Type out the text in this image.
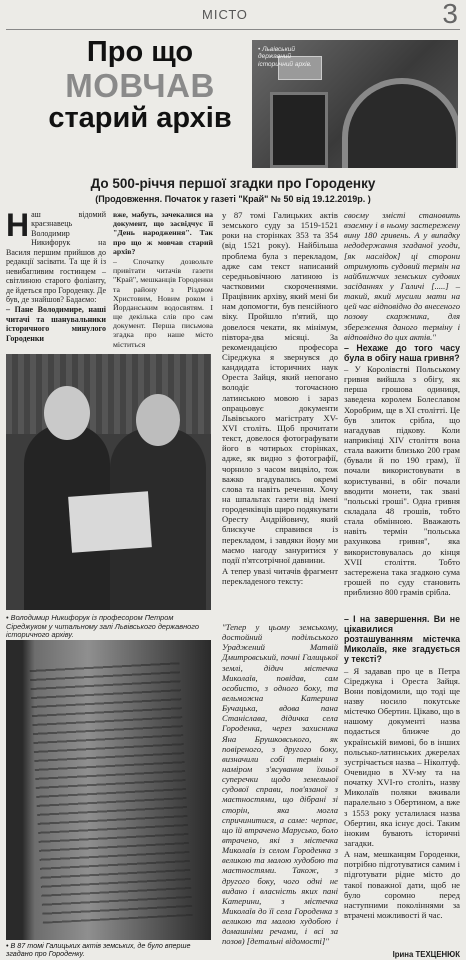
МІСТО	3
Про що
МОВЧАВ
старий архів
• Львівський державний історичний архів.
До 500-річчя першої згадки про Городенку
(Продовження. Початок у газеті "Край" № 50 від 19.12.2019р. )

Наш відомий краєзнавець Володимир Никифорук на Василя першим прийшов до редакції засівати. Та ще й із невибагливим гостинцем – світлиною старого фоліанту, де йдеться про Городенку. Де був, де знайшов? Бадаємо:

– Пане Володимире, наші читачі та шанувальники історичного минулого Городенки

вже, мабуть, зачекалися на документ, що засвідчує її "День народження". Так про що ж мовчав старий архів?

– Спочатку дозвольте привітати читачів газети "Край", мешканців Городенки та району з Різдвом Христовим, Новим роком і Йорданським водосвятям. І ще декілька слів про сам документ. Перша письмова згадка про наше місто міститься

у 87 томі Галицьких актів земського суду за 1519-1521 роки на сторінках 353 та 354 (від 1521 року). Найбільша проблема була з перекладом, адже сам текст написаний середньовічною латиною із частковими скороченнями. Працівник архіву, який мені би нам допомогти, був пенсійного віку. Пройшло п'ятий, що довелося чекати, як мінімум, півтора-два місяці. За рекомендацією професора Сіреджука я звернувся до кандидата історичних наук Ореста Зайця, який непогано володіє тогочасною латинською мовою і зараз опрацьовує документи Львівського магістрату XV-XVI століть. Щоб прочитати текст, довелося фотографувати його в чотирьох сторінках, адже, як видно з фотографії, чорнило з часом вицвіло, тож важко вгадувались окремі слова та навіть речення. Хочу на шпальтах газети від імені городенківців щиро подякувати Оресту Андрійовичу, який блискуче справився із перекладом, і завдяки йому ми маємо нагоду занурити́ся у події п'ятсотрічної давнини.

А тепер увазі читачів фрагмент перекладеного тексту:

"Тепер у цьому земському, достойний подільського Ураджений Матвій Дмитровський, почні Галицької землі, дідич містечка Миколаїв, повідав, сам особисто, з одного боку, та вельможна Катерина Бучацька, вдова пана Станіслава, дідичка села Городенка, через захисника Яна Брушковського, як повіреного, з другого боку, визначили собі термін з наміром з'ясування їхньої суперечки щодо земельної судової справи, пов'язаної з маєтностями, що дібрані зі сторін, яка могла спричинитися, а саме: черпає, що їй втрачено Марусько, боло втрачено, які з містечка Миколаїв із селом Городенка з великою та малою худобою та маєтностями. Також, з другого боку, чого одні не видано і власність яких пані Катерини, з містечка Миколаїв до її села Городенка з великою та малою худобою і домашніми речами, і всі за позов) [детальні відомості]"

своєму змісті становить взаємну і в ньому застережену вину 180 гривень. А у випадку недодержання згаданої угоди, [як наслідок] ці сторони отримують судовий термін на найближчих земських судових засіданнях у Галичі [.....] – такий, який мусили мати на цей час відповідно до внесеного позову скаржника, для збереження даного терміну і відповідно до цих актів."

– Нехаже до того часу була в обігу наша гривня?

– У Королівстві Польському гривня вийшла з обігу, як перша грошова одиниця, заведена королем Болеславом Хоробрим, ще в XI столітті. Це був злиток срібла, що нагадував підкову. Коли наприкінці XIV століття вона стала важити близько 200 грам (бували й по 190 грам), її почали використовувати в користуванні, в обіг почали вводити монети, так звані "польські гроші". Одна гривня складала 48 грошів, тобто стала обмінною. Вважають навіть термін "польська рахункова гривня", яка використовувалась до кінця XVII століття. Тобто застережена така згадкою сума грошей по суду становить приблизно 800 грамів срібла.

– І на завершення. Ви не цікавилися розташуванням містечка Миколаїв, яке згадується у тексті?

– Я задавав про це в Петра Сіреджука і Ореста Зайця. Вони повідомили, що тоді ще назву носило покутське містечко Обертин. Цікаво, що в нашому документі назва подається ближче до українській вимові, бо в інших польсько-латинських джерелах зустрічається назва – Ніколтуф. Очевидно в XV-му та на початку XVI-го століть, назву Миколаїв поляки вживали паралельно з Обертином, а вже з 1553 року усталилася назва Обертин, яка існує досі. Таким іноким бувають історичні загадки.

А нам, мешканцям Городенки, потрібно підготуватися самим і підготувати рідне місто до такої поважної дати, щоб не було соромно перед наступними поколіннями за втрачені можливості й час.

• Володимир Никифорук із професором Петром Сіреджуком у читальному залі Львівського державного історичного архіву.
• В 87 томі Галицьких актів земських, де було вперше згадано про Городенку.	Ірина ТЕХЦЕНЮК
